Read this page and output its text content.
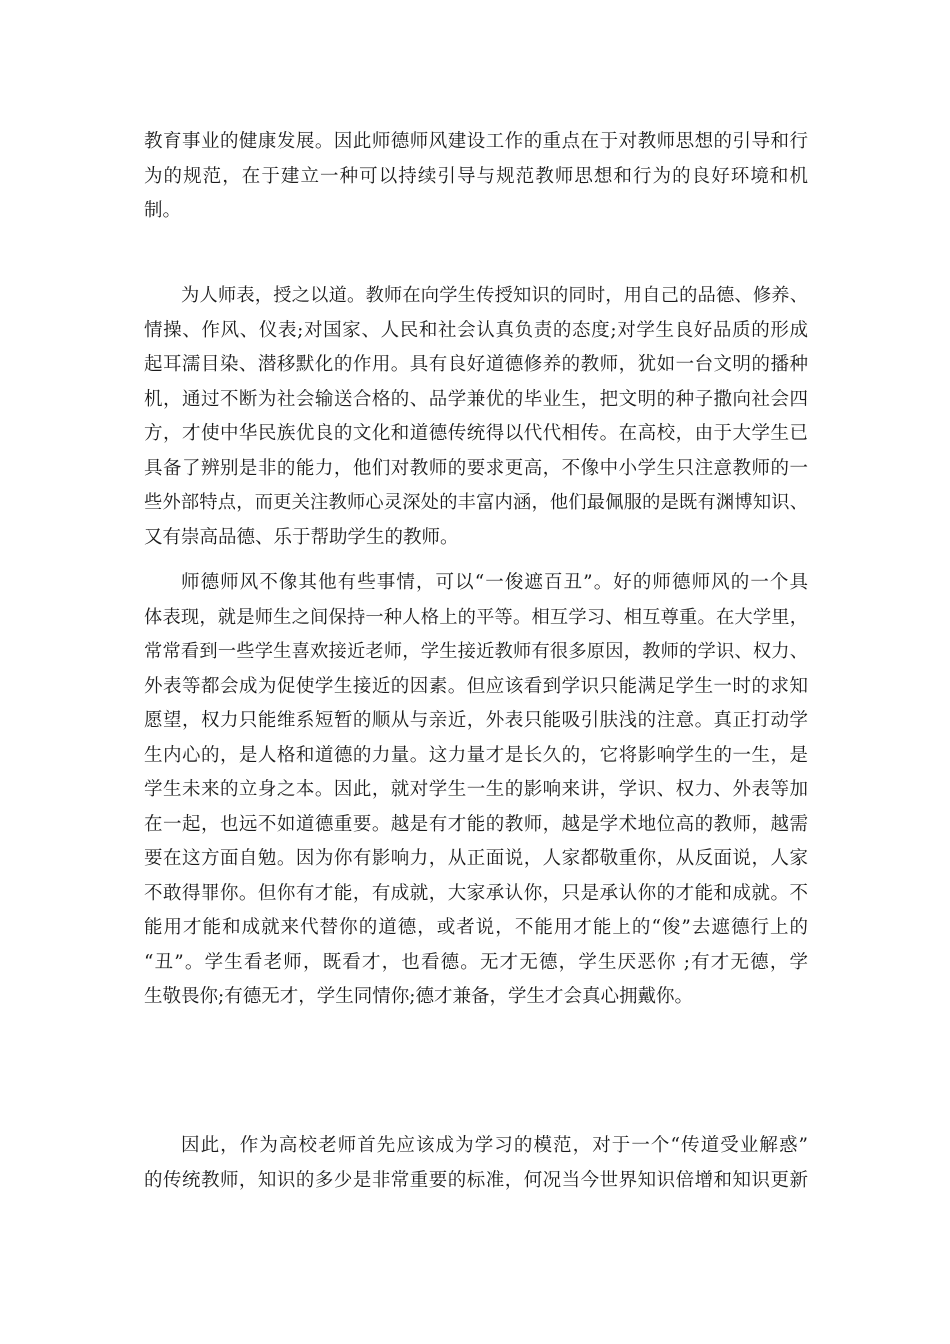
教育事业的健康发展。因此师德师风建设工作的重点在于对教师思想的引导和行
为的规范，在于建立一种可以持续引导与规范教师思想和行为的良好环境和机
制。
为人师表，授之以道。教师在向学生传授知识的同时，用自己的品德、修养、
情操、作风、仪表;对国家、人民和社会认真负责的态度;对学生良好品质的形成
起耳濡目染、潜移默化的作用。具有良好道德修养的教师，犹如一台文明的播种
机，通过不断为社会输送合格的、品学兼优的毕业生，把文明的种子撒向社会四
方，才使中华民族优良的文化和道德传统得以代代相传。在高校，由于大学生已
具备了辨别是非的能力，他们对教师的要求更高，不像中小学生只注意教师的一
些外部特点，而更关注教师心灵深处的丰富内涵，他们最佩服的是既有渊博知识、
又有崇高品德、乐于帮助学生的教师。
师德师风不像其他有些事情，可以“一俊遮百丑”。好的师德师风的一个具
体表现，就是师生之间保持一种人格上的平等。相互学习、相互尊重。在大学里，
常常看到一些学生喜欢接近老师，学生接近教师有很多原因，教师的学识、权力、
外表等都会成为促使学生接近的因素。但应该看到学识只能满足学生一时的求知
愿望，权力只能维系短暂的顺从与亲近，外表只能吸引肤浅的注意。真正打动学
生内心的，是人格和道德的力量。这力量才是长久的，它将影响学生的一生，是
学生未来的立身之本。因此，就对学生一生的影响来讲，学识、权力、外表等加
在一起，也远不如道德重要。越是有才能的教师，越是学术地位高的教师，越需
要在这方面自勉。因为你有影响力，从正面说，人家都敬重你，从反面说，人家
不敢得罪你。但你有才能，有成就，大家承认你，只是承认你的才能和成就。不
能用才能和成就来代替你的道德，或者说，不能用才能上的“俊”去遮德行上的
“丑”。学生看老师，既看才，也看德。无才无德，学生厌恶你 ;有才无德，学
生敬畏你;有德无才，学生同情你;德才兼备，学生才会真心拥戴你。
因此，作为高校老师首先应该成为学习的模范，对于一个“传道受业解惑”
的传统教师，知识的多少是非常重要的标准，何况当今世界知识倍增和知识更新
